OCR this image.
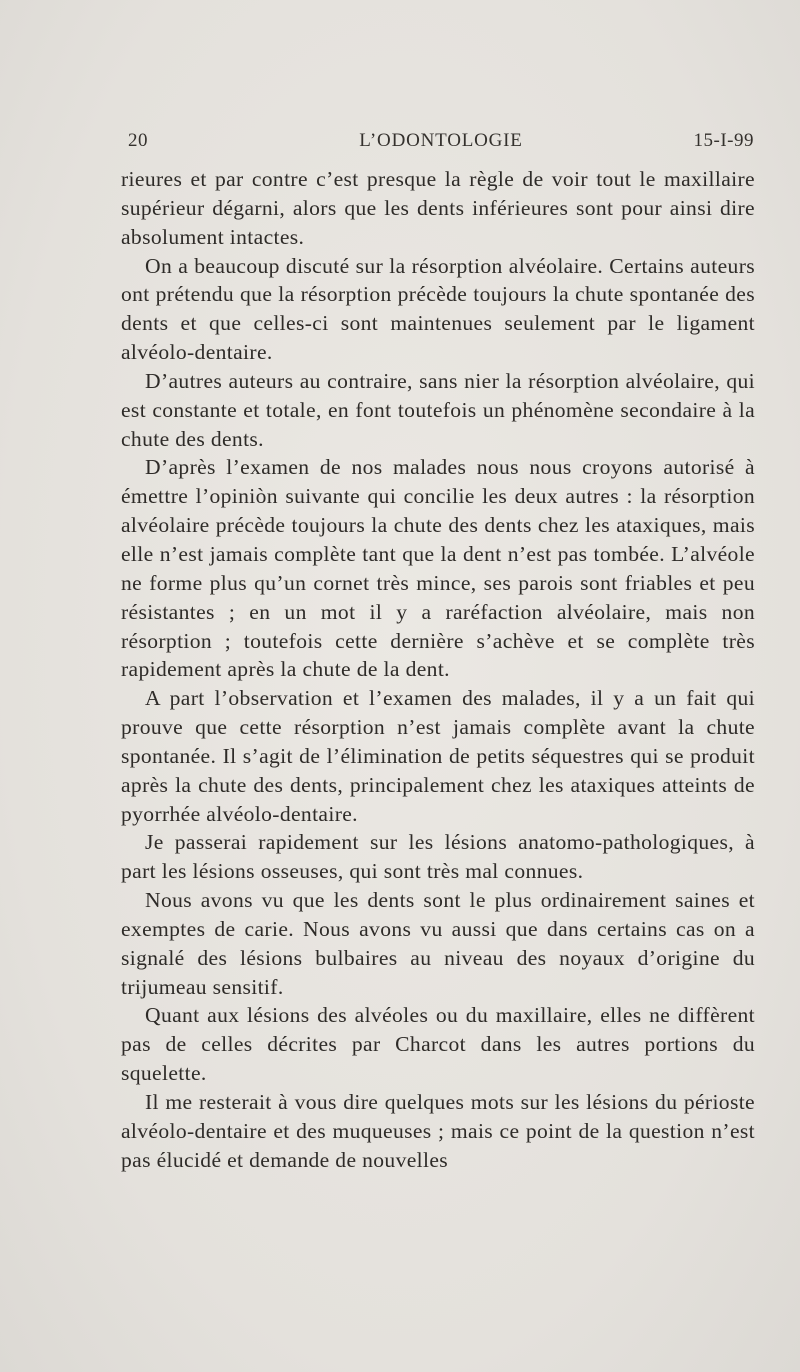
20	L’ODONTOLOGIE	15-I-99

rieures et par contre c’est presque la règle de voir tout le maxillaire supérieur dégarni, alors que les dents inférieures sont pour ainsi dire absolument intactes.

On a beaucoup discuté sur la résorption alvéolaire. Certains auteurs ont prétendu que la résorption précède toujours la chute spontanée des dents et que celles-ci sont maintenues seulement par le ligament alvéolo-dentaire.

D’autres auteurs au contraire, sans nier la résorption alvéolaire, qui est constante et totale, en font toutefois un phénomène secondaire à la chute des dents.

D’après l’examen de nos malades nous nous croyons autorisé à émettre l’opiniòn suivante qui concilie les deux autres : la résorption alvéolaire précède toujours la chute des dents chez les ataxiques, mais elle n’est jamais complète tant que la dent n’est pas tombée. L’alvéole ne forme plus qu’un cornet très mince, ses parois sont friables et peu résistantes ; en un mot il y a raréfaction alvéolaire, mais non résorption ; toutefois cette dernière s’achève et se complète très rapidement après la chute de la dent.

A part l’observation et l’examen des malades, il y a un fait qui prouve que cette résorption n’est jamais complète avant la chute spontanée. Il s’agit de l’élimination de petits séquestres qui se produit après la chute des dents, principalement chez les ataxiques atteints de pyorrhée alvéolo-dentaire.

Je passerai rapidement sur les lésions anatomo-pathologiques, à part les lésions osseuses, qui sont très mal connues.

Nous avons vu que les dents sont le plus ordinairement saines et exemptes de carie. Nous avons vu aussi que dans certains cas on a signalé des lésions bulbaires au niveau des noyaux d’origine du trijumeau sensitif.

Quant aux lésions des alvéoles ou du maxillaire, elles ne diffèrent pas de celles décrites par Charcot dans les autres portions du squelette.

Il me resterait à vous dire quelques mots sur les lésions du périoste alvéolo-dentaire et des muqueuses ; mais ce point de la question n’est pas élucidé et demande de nouvelles
